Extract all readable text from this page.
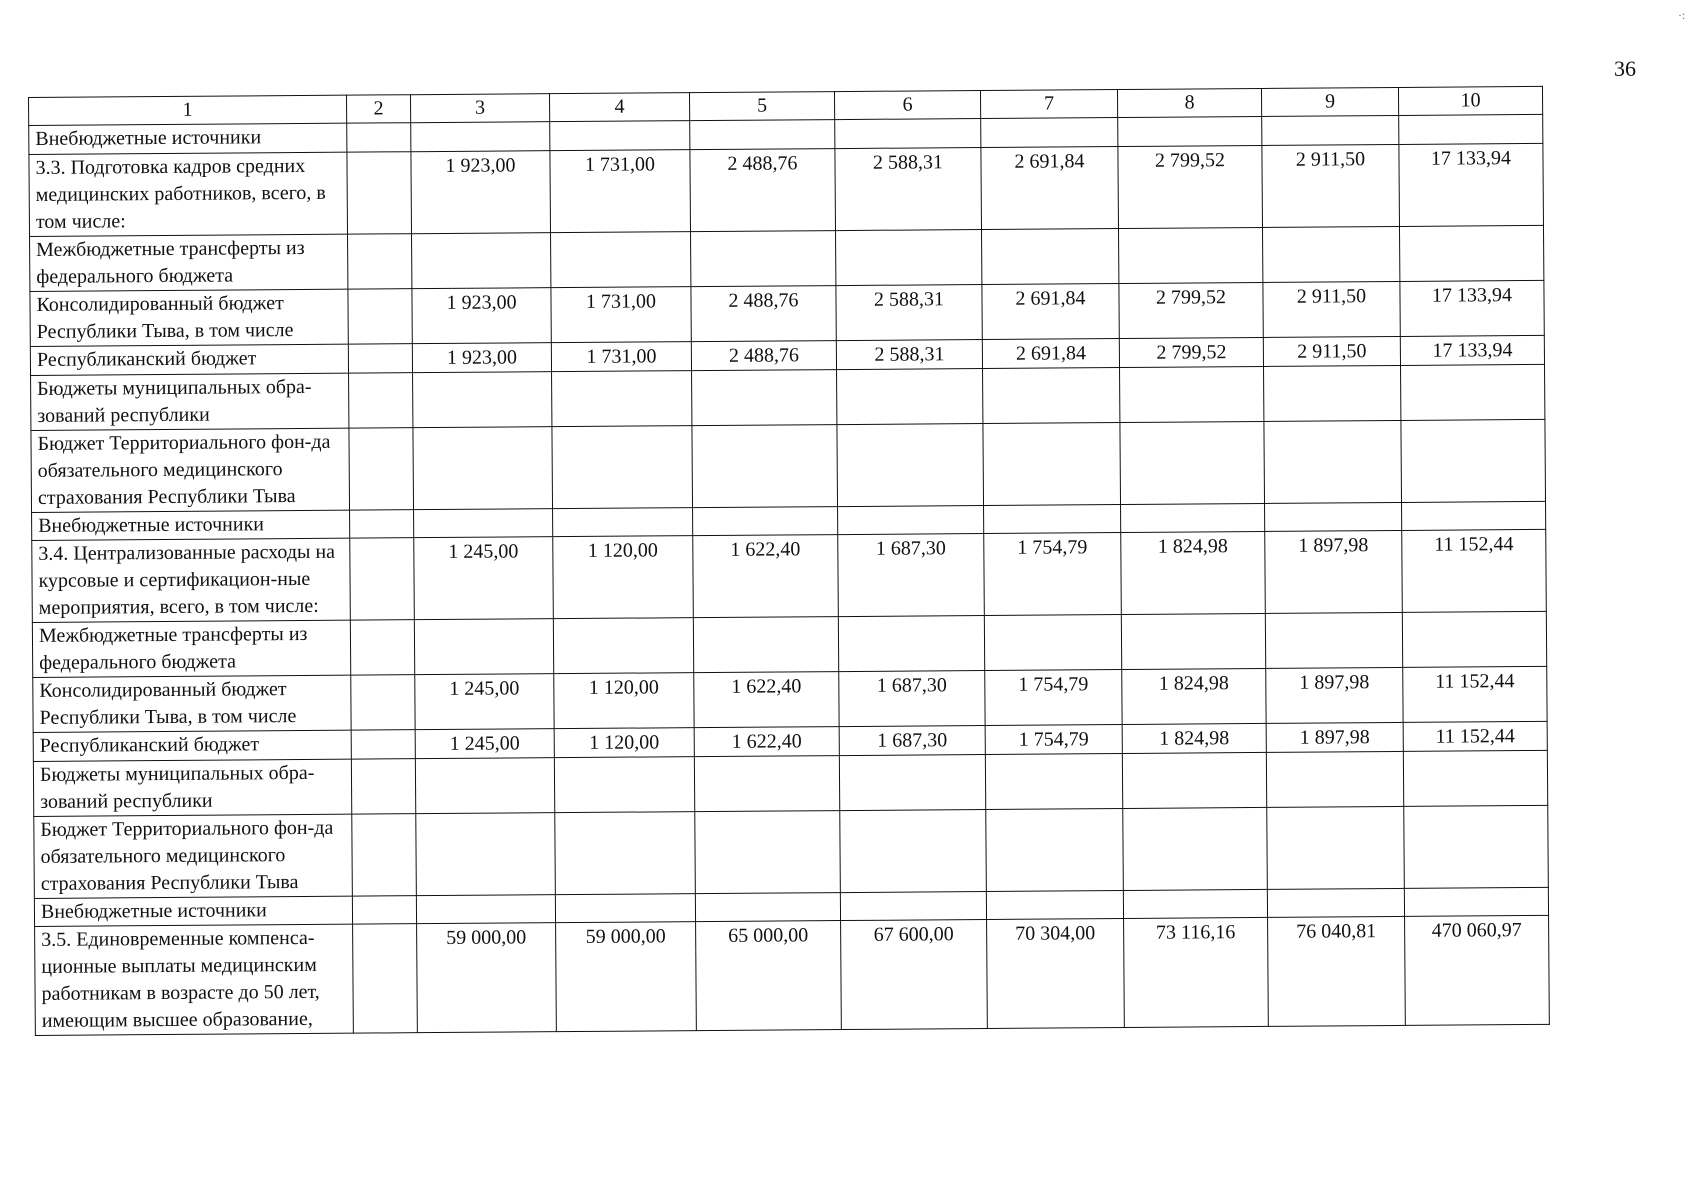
36
·:
1	2	3	4	5	6	7	8	9	10
Внебюджетные источники									
3.3. Подготовка кадров средних медицинских работников, всего, в том числе:		1 923,00	1 731,00	2 488,76	2 588,31	2 691,84	2 799,52	2 911,50	17 133,94
Межбюджетные трансферты из федерального бюджета									
Консолидированный бюджет Республики Тыва, в том числе		1 923,00	1 731,00	2 488,76	2 588,31	2 691,84	2 799,52	2 911,50	17 133,94
Республиканский бюджет		1 923,00	1 731,00	2 488,76	2 588,31	2 691,84	2 799,52	2 911,50	17 133,94
Бюджеты муниципальных обра-зований республики									
Бюджет Территориального фон-да обязательного медицинского страхования Республики Тыва									
Внебюджетные источники									
3.4. Централизованные расходы на курсовые и сертификацион-ные мероприятия, всего, в том числе:		1 245,00	1 120,00	1 622,40	1 687,30	1 754,79	1 824,98	1 897,98	11 152,44
Межбюджетные трансферты из федерального бюджета									
Консолидированный бюджет Республики Тыва, в том числе		1 245,00	1 120,00	1 622,40	1 687,30	1 754,79	1 824,98	1 897,98	11 152,44
Республиканский бюджет		1 245,00	1 120,00	1 622,40	1 687,30	1 754,79	1 824,98	1 897,98	11 152,44
Бюджеты муниципальных обра-зований республики									
Бюджет Территориального фон-да обязательного медицинского страхования Республики Тыва									
Внебюджетные источники									
3.5. Единовременные компенса-ционные выплаты медицинским работникам в возрасте до 50 лет, имеющим высшее образование,		59 000,00	59 000,00	65 000,00	67 600,00	70 304,00	73 116,16	76 040,81	470 060,97
